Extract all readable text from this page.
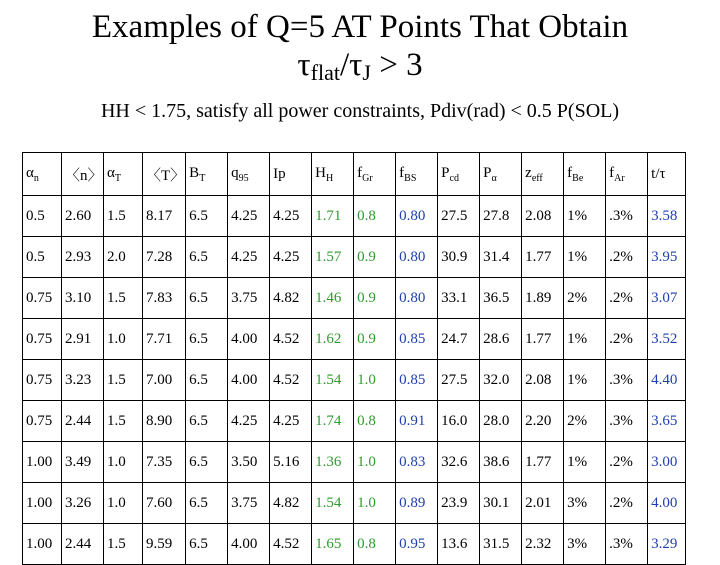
Examples of Q=5 AT Points That Obtain
$\tau_{flat}/\tau_J > 3$
HH < 1.75, satisfy all power constraints, Pdiv(rad) < 0.5 P(SOL)
$\alpha_n$	〈n〉	$\alpha_T$	〈T〉	$B_T$	$q_{95}$	Ip	$H_H$	$f_{Gr}$	$f_{BS}$	$P_{cd}$	$P_\alpha$	$z_{eff}$	$f_{Be}$	$f_{Ar}$	t/τ
0.5	2.60	1.5	8.17	6.5	4.25	4.25	1.71	0.8	0.80	27.5	27.8	2.08	1%	.3%	3.58
0.5	2.93	2.0	7.28	6.5	4.25	4.25	1.57	0.9	0.80	30.9	31.4	1.77	1%	.2%	3.95
0.75	3.10	1.5	7.83	6.5	3.75	4.82	1.46	0.9	0.80	33.1	36.5	1.89	2%	.2%	3.07
0.75	2.91	1.0	7.71	6.5	4.00	4.52	1.62	0.9	0.85	24.7	28.6	1.77	1%	.2%	3.52
0.75	3.23	1.5	7.00	6.5	4.00	4.52	1.54	1.0	0.85	27.5	32.0	2.08	1%	.3%	4.40
0.75	2.44	1.5	8.90	6.5	4.25	4.25	1.74	0.8	0.91	16.0	28.0	2.20	2%	.3%	3.65
1.00	3.49	1.0	7.35	6.5	3.50	5.16	1.36	1.0	0.83	32.6	38.6	1.77	1%	.2%	3.00
1.00	3.26	1.0	7.60	6.5	3.75	4.82	1.54	1.0	0.89	23.9	30.1	2.01	3%	.2%	4.00
1.00	2.44	1.5	9.59	6.5	4.00	4.52	1.65	0.8	0.95	13.6	31.5	2.32	3%	.3%	3.29
